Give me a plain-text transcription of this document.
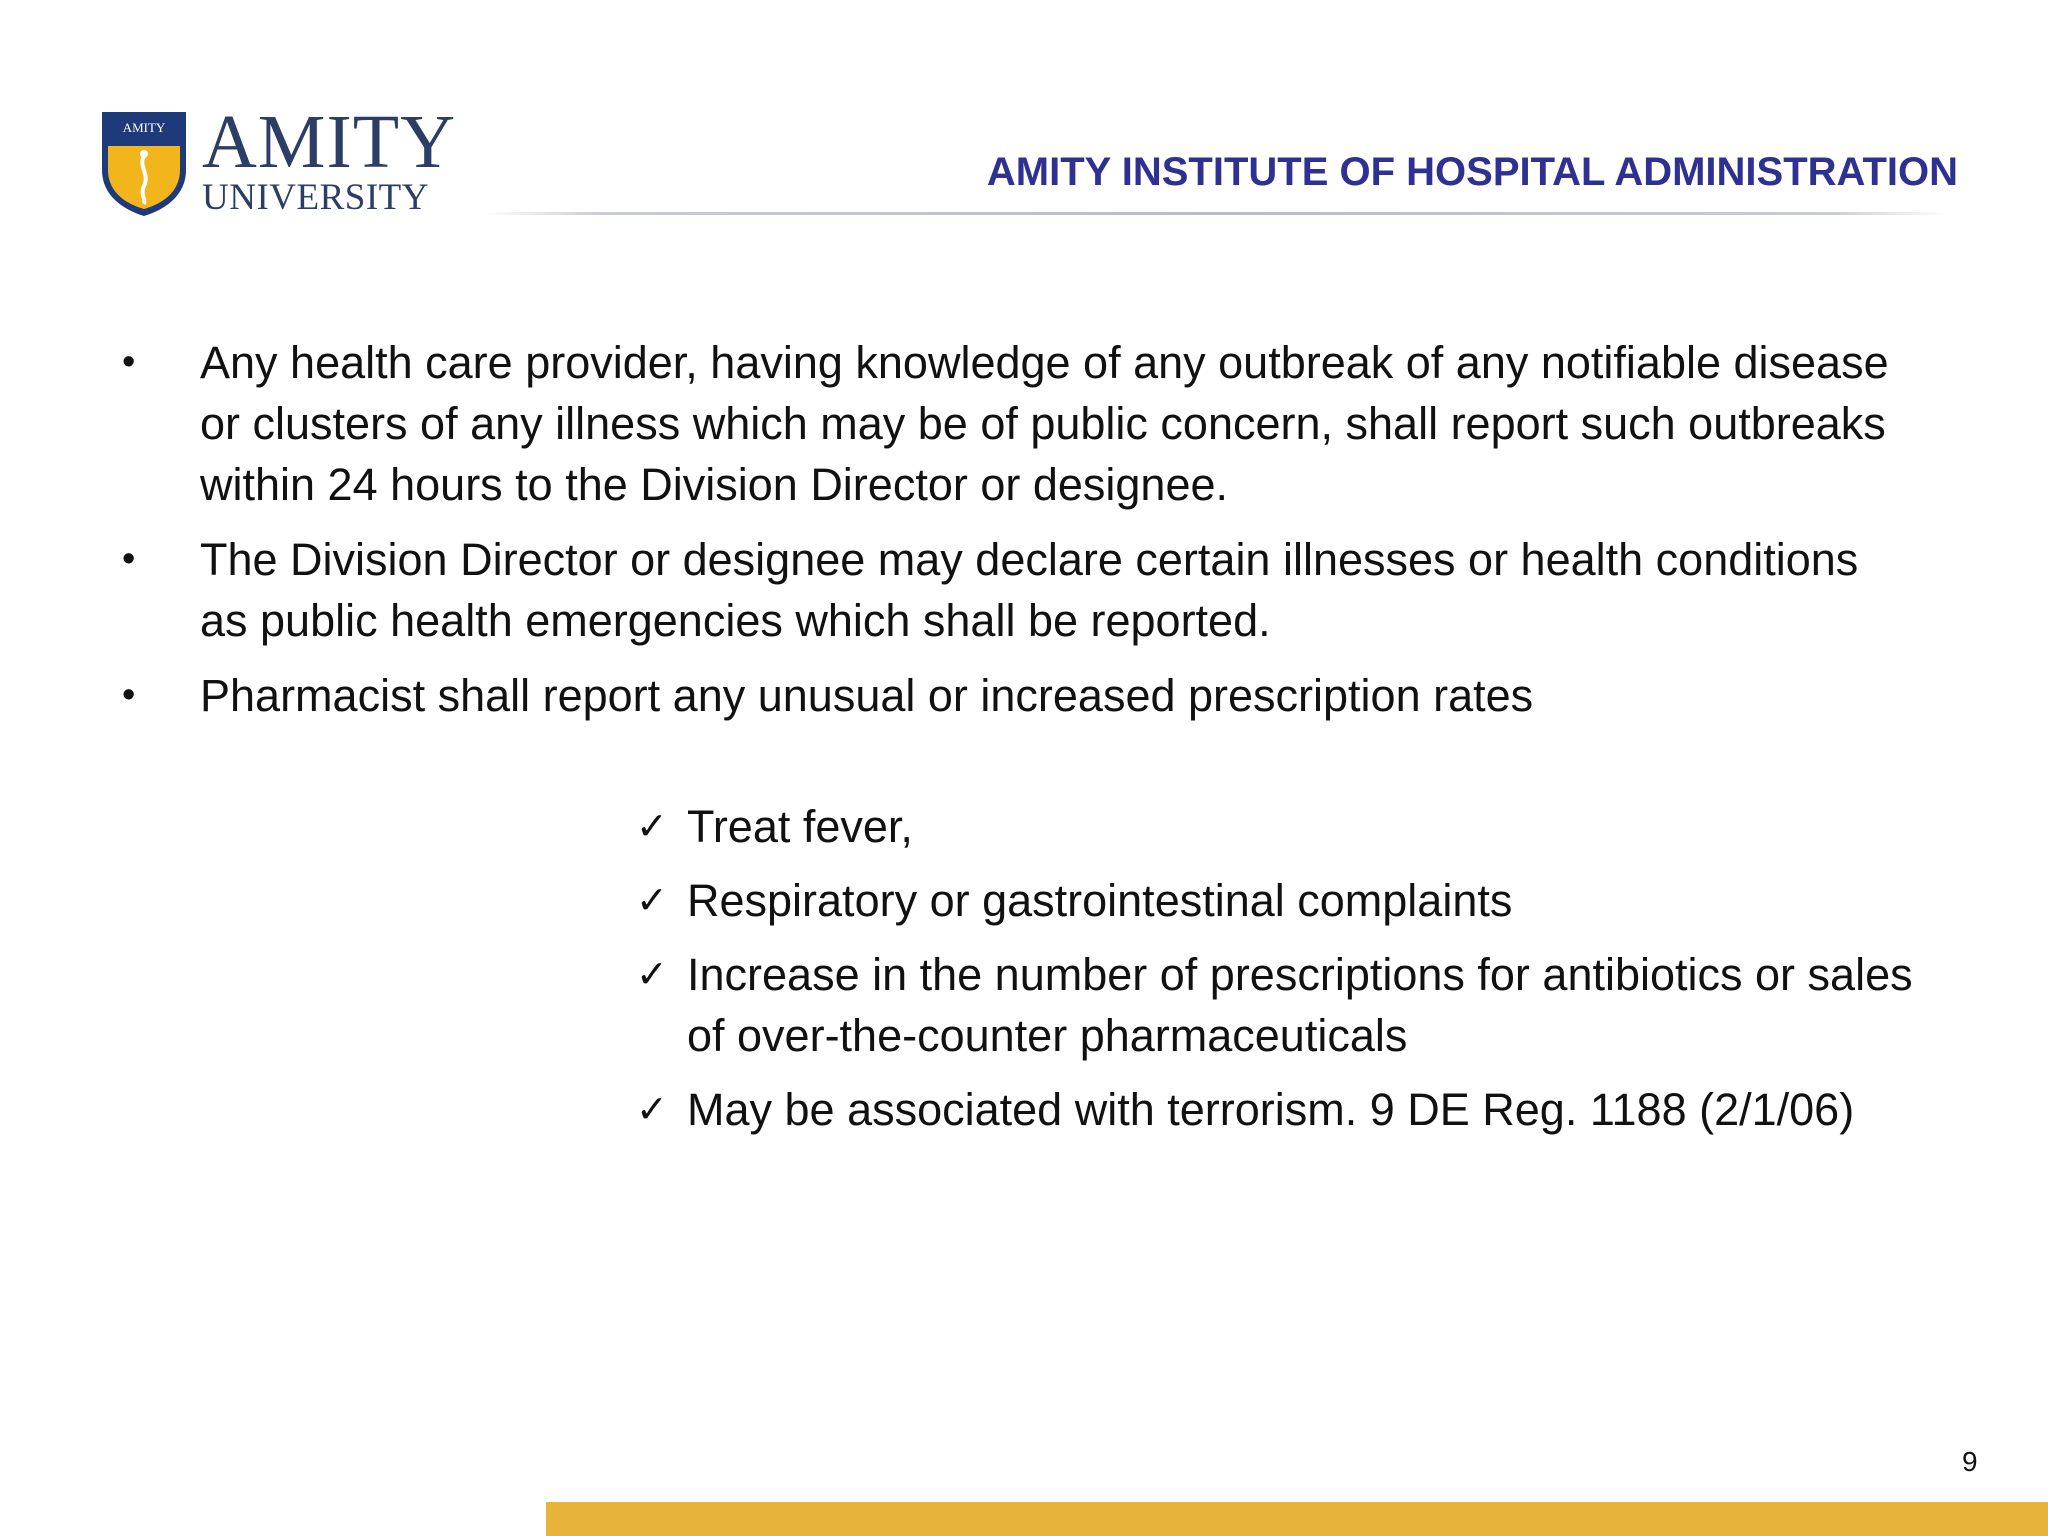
AMITY AMITY
UNIVERSITY
AMITY INSTITUTE OF HOSPITAL ADMINISTRATION
• Any health care provider, having knowledge of any outbreak of any notifiable disease or clusters of any illness which may be of public concern, shall report such outbreaks within 24 hours to the Division Director or designee.
• The Division Director or designee may declare certain illnesses or health conditions as public health emergencies which shall be reported.
• Pharmacist shall report any unusual or increased prescription rates
✓ Treat fever,
✓ Respiratory or gastrointestinal complaints
✓ Increase in the number of prescriptions for antibiotics or sales of over-the-counter pharmaceuticals
✓ May be associated with terrorism. 9 DE Reg. 1188 (2/1/06)
9
